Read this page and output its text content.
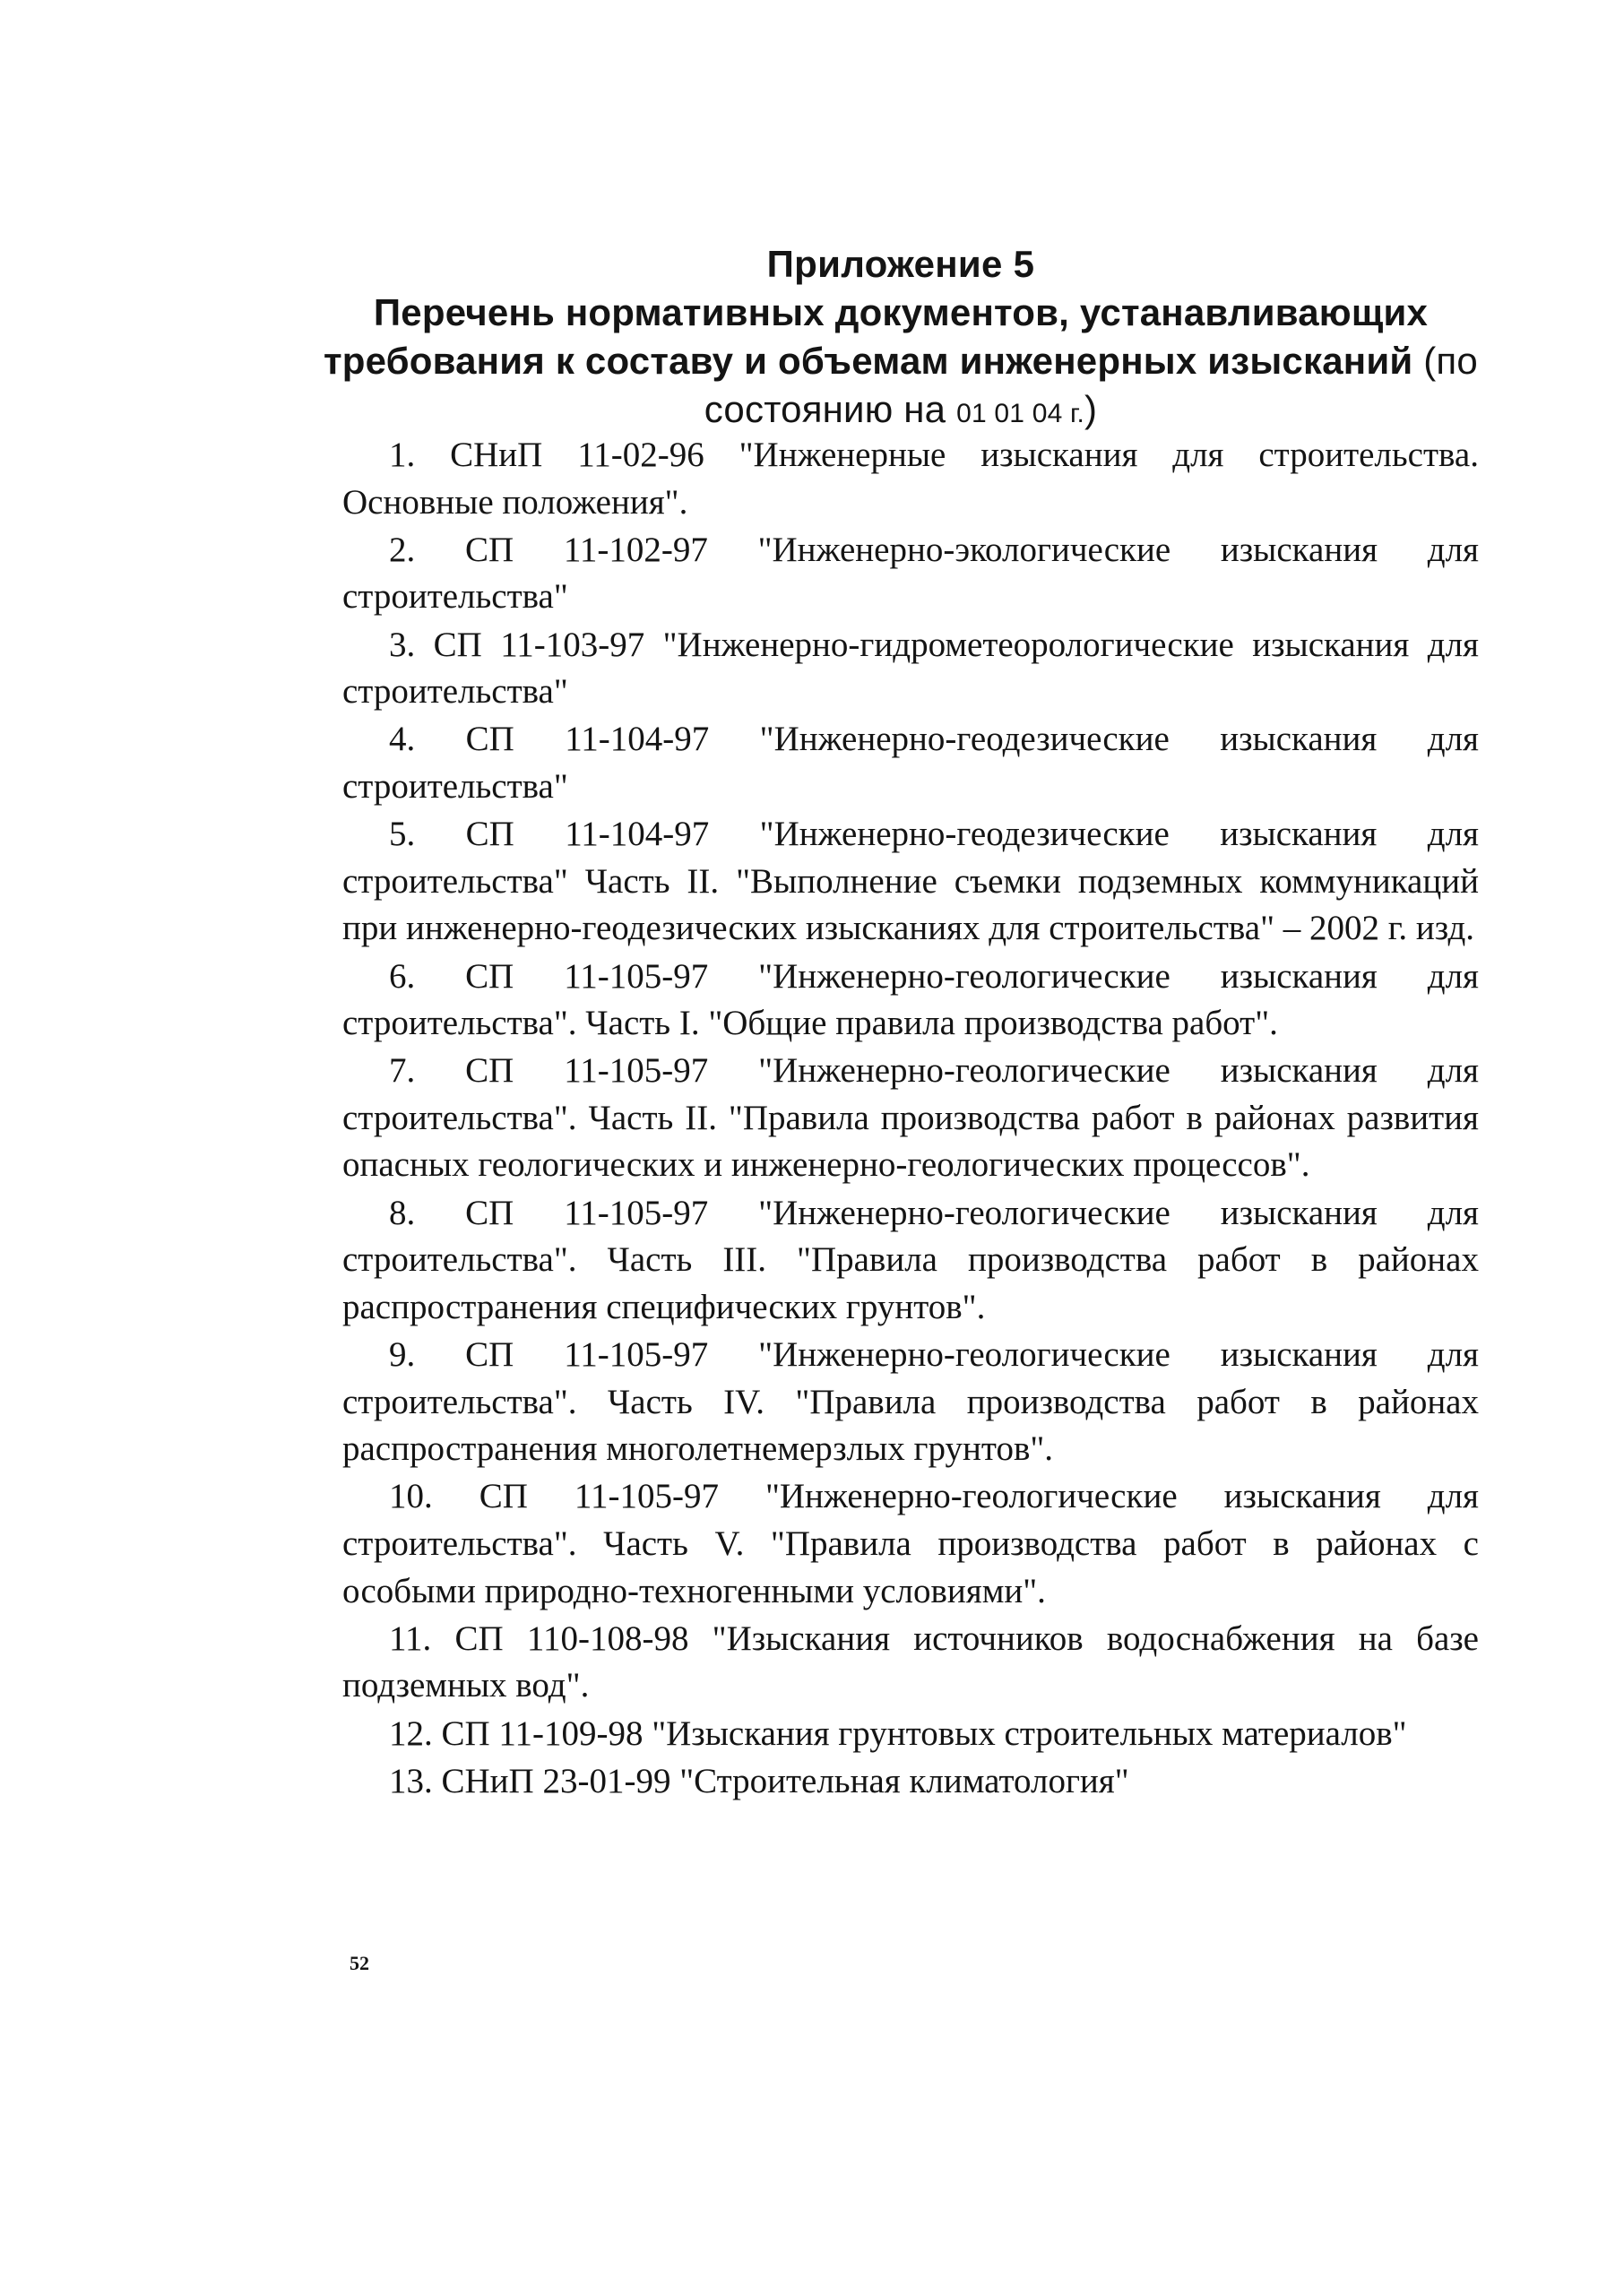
Приложение 5

Перечень нормативных документов, устанавливающих требования к составу и объемам инженерных изысканий (по состоянию на 01 01 04 г.)

1. СНиП 11-02-96 "Инженерные изыскания для строительства. Основные положения".
2. СП 11-102-97 "Инженерно-экологические изыскания для строительства"
3. СП 11-103-97 "Инженерно-гидрометеорологические изыскания для строительства"
4. СП 11-104-97 "Инженерно-геодезические изыскания для строительства"
5. СП 11-104-97 "Инженерно-геодезические изыскания для строительства" Часть II. "Выполнение съемки подземных коммуникаций при инженерно-геодезических изысканиях для строительства" – 2002 г. изд.
6. СП 11-105-97 "Инженерно-геологические изыскания для строительства". Часть I. "Общие правила производства работ".
7. СП 11-105-97 "Инженерно-геологические изыскания для строительства". Часть II. "Правила производства работ в районах развития опасных геологических и инженерно-геологических процессов".
8. СП 11-105-97 "Инженерно-геологические изыскания для строительства". Часть III. "Правила производства работ в районах распространения специфических грунтов".
9. СП 11-105-97 "Инженерно-геологические изыскания для строительства". Часть IV. "Правила производства работ в районах распространения многолетнемерзлых грунтов".
10. СП 11-105-97 "Инженерно-геологические изыскания для строительства". Часть V. "Правила производства работ в районах с особыми природно-техногенными условиями".
11. СП 110-108-98 "Изыскания источников водоснабжения на базе подземных вод".
12. СП 11-109-98 "Изыскания грунтовых строительных материалов"
13. СНиП 23-01-99 "Строительная климатология"
52
